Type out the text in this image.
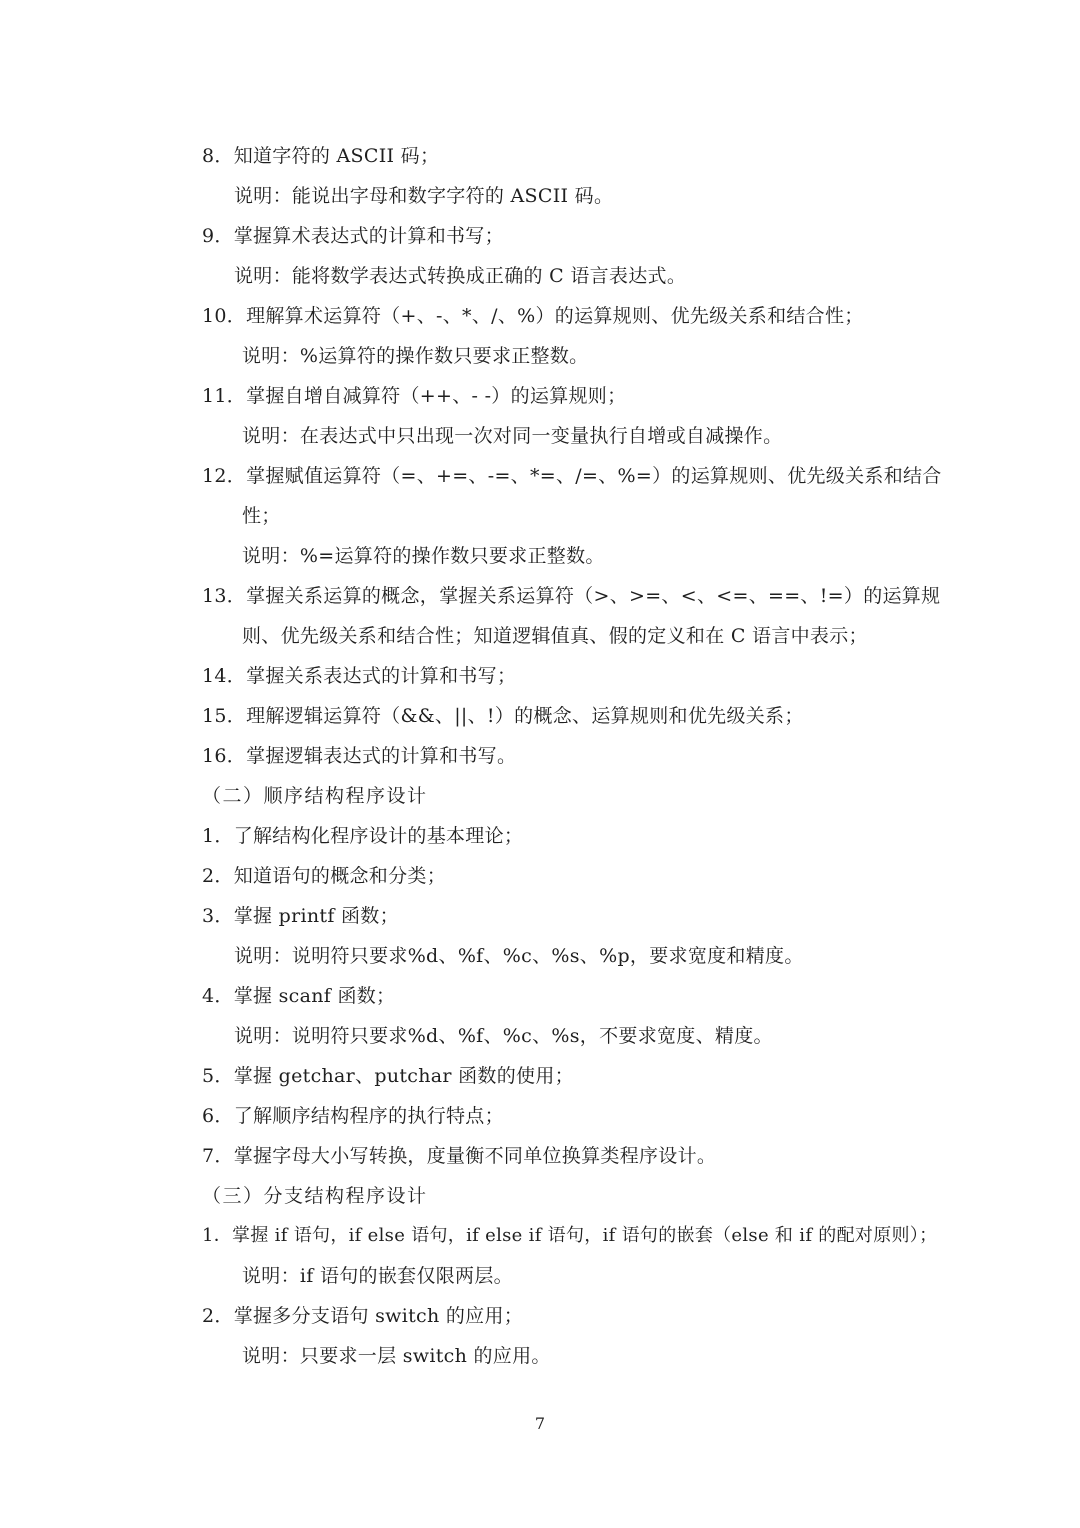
8．知道字符的 ASCII 码；
说明：能说出字母和数字字符的 ASCII 码。
9．掌握算术表达式的计算和书写；
说明：能将数学表达式转换成正确的 C 语言表达式。
10．理解算术运算符（+、-、*、/、%）的运算规则、优先级关系和结合性；
说明：%运算符的操作数只要求正整数。
11．掌握自增自减算符（++、- -）的运算规则；
说明：在表达式中只出现一次对同一变量执行自增或自减操作。
12．掌握赋值运算符（=、+=、-=、*=、/=、%=）的运算规则、优先级关系和结合
性；
说明：%=运算符的操作数只要求正整数。
13．掌握关系运算的概念，掌握关系运算符（>、>=、<、<=、==、!=）的运算规
则、优先级关系和结合性；知道逻辑值真、假的定义和在 C 语言中表示；
14．掌握关系表达式的计算和书写；
15．理解逻辑运算符（&&、||、!）的概念、运算规则和优先级关系；
16．掌握逻辑表达式的计算和书写。
（二）顺序结构程序设计
1．了解结构化程序设计的基本理论；
2．知道语句的概念和分类；
3．掌握 printf 函数；
说明：说明符只要求%d、%f、%c、%s、%p，要求宽度和精度。
4．掌握 scanf 函数；
说明：说明符只要求%d、%f、%c、%s，不要求宽度、精度。
5．掌握 getchar、putchar 函数的使用；
6．了解顺序结构程序的执行特点；
7．掌握字母大小写转换，度量衡不同单位换算类程序设计。
（三）分支结构程序设计
1．掌握 if 语句，if else 语句，if else if 语句，if 语句的嵌套（else 和 if 的配对原则）；
说明：if 语句的嵌套仅限两层。
2．掌握多分支语句 switch 的应用；
说明：只要求一层 switch 的应用。
7
